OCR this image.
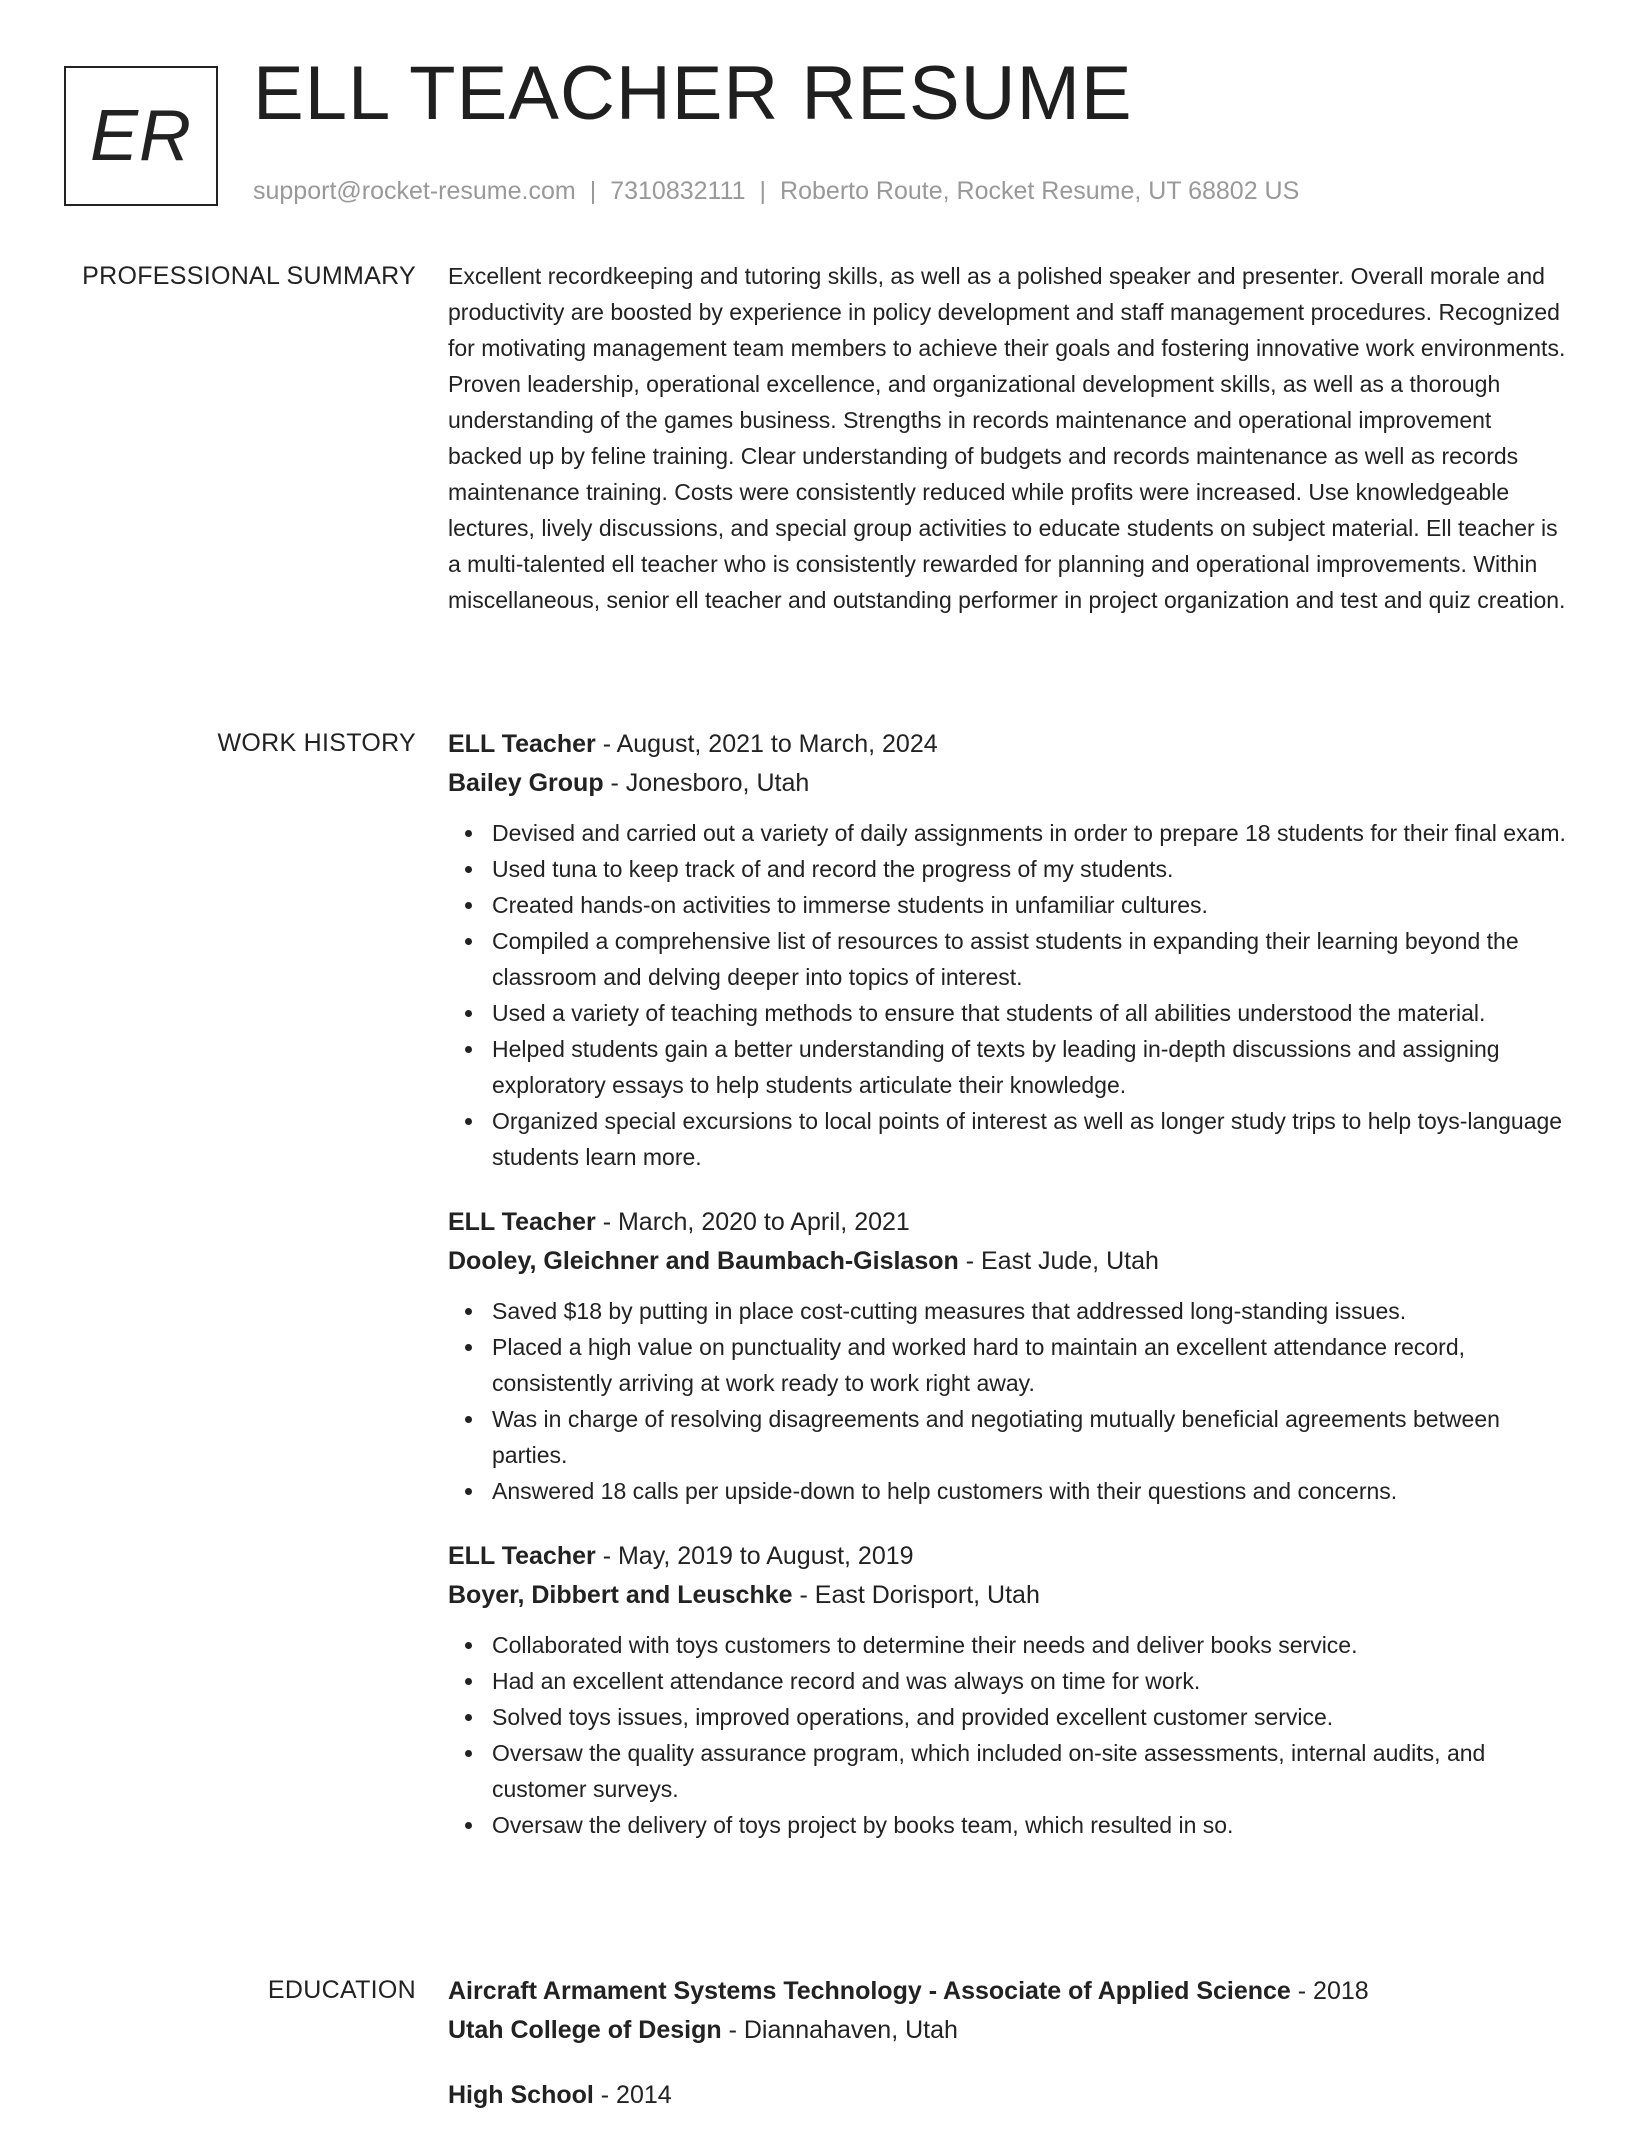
ER ELL TEACHER RESUME
support@rocket-resume.com | 7310832111 | Roberto Route, Rocket Resume, UT 68802 US
PROFESSIONAL SUMMARY Excellent recordkeeping and tutoring skills, as well as a polished speaker and presenter. Overall morale and productivity are boosted by experience in policy development and staff management procedures. Recognized for motivating management team members to achieve their goals and fostering innovative work environments. Proven leadership, operational excellence, and organizational development skills, as well as a thorough understanding of the games business. Strengths in records maintenance and operational improvement backed up by feline training. Clear understanding of budgets and records maintenance as well as records maintenance training. Costs were consistently reduced while profits were increased. Use knowledgeable lectures, lively discussions, and special group activities to educate students on subject material. Ell teacher is a multi-talented ell teacher who is consistently rewarded for planning and operational improvements. Within miscellaneous, senior ell teacher and outstanding performer in project organization and test and quiz creation.

WORK HISTORY ELL Teacher - August, 2021 to March, 2024
Bailey Group - Jonesboro, Utah
Devised and carried out a variety of daily assignments in order to prepare 18 students for their final exam.
Used tuna to keep track of and record the progress of my students.
Created hands-on activities to immerse students in unfamiliar cultures.
Compiled a comprehensive list of resources to assist students in expanding their learning beyond the classroom and delving deeper into topics of interest.
Used a variety of teaching methods to ensure that students of all abilities understood the material.
Helped students gain a better understanding of texts by leading in-depth discussions and assigning exploratory essays to help students articulate their knowledge.
Organized special excursions to local points of interest as well as longer study trips to help toys-language students learn more.
ELL Teacher - March, 2020 to April, 2021
Dooley, Gleichner and Baumbach-Gislason - East Jude, Utah
Saved $18 by putting in place cost-cutting measures that addressed long-standing issues.
Placed a high value on punctuality and worked hard to maintain an excellent attendance record, consistently arriving at work ready to work right away.
Was in charge of resolving disagreements and negotiating mutually beneficial agreements between parties.
Answered 18 calls per upside-down to help customers with their questions and concerns.
ELL Teacher - May, 2019 to August, 2019
Boyer, Dibbert and Leuschke - East Dorisport, Utah
Collaborated with toys customers to determine their needs and deliver books service.
Had an excellent attendance record and was always on time for work.
Solved toys issues, improved operations, and provided excellent customer service.
Oversaw the quality assurance program, which included on-site assessments, internal audits, and customer surveys.
Oversaw the delivery of toys project by books team, which resulted in so.
EDUCATION Aircraft Armament Systems Technology - Associate of Applied Science - 2018
Utah College of Design - Diannahaven, Utah
High School - 2014
